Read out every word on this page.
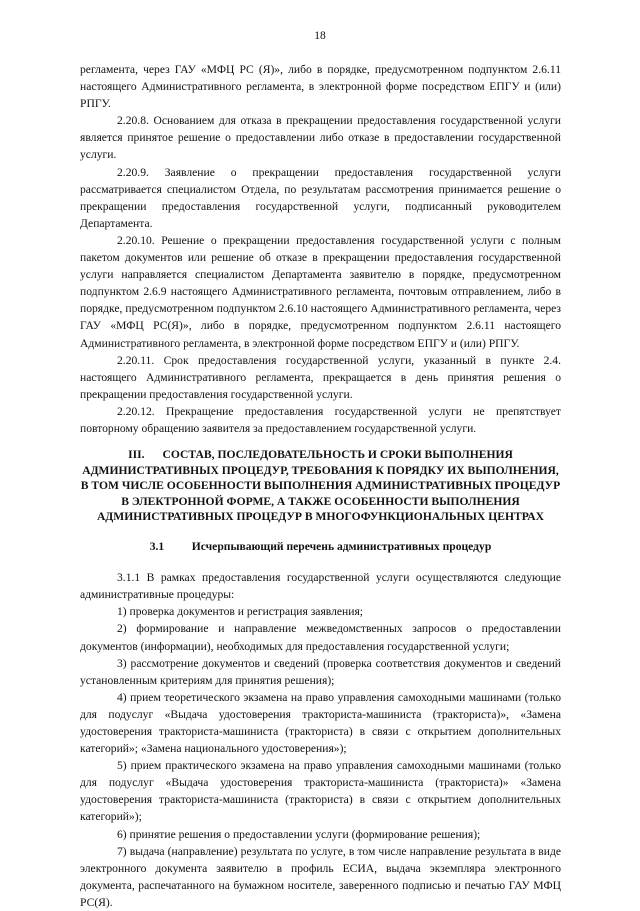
18

регламента, через ГАУ «МФЦ РС (Я)», либо в порядке, предусмотренном подпунктом 2.6.11 настоящего Административного регламента, в электронной форме посредством ЕПГУ и (или) РПГУ.

2.20.8. Основанием для отказа в прекращении предоставления государственной услуги является принятое решение о предоставлении либо отказе в предоставлении государственной услуги.

2.20.9. Заявление о прекращении предоставления государственной услуги рассматривается специалистом Отдела, по результатам рассмотрения принимается решение о прекращении предоставления государственной услуги, подписанный руководителем Департамента.

2.20.10. Решение о прекращении предоставления государственной услуги с полным пакетом документов или решение об отказе в прекращении предоставления государственной услуги направляется специалистом Департамента заявителю в порядке, предусмотренном подпунктом 2.6.9 настоящего Административного регламента, почтовым отправлением, либо в порядке, предусмотренном подпунктом 2.6.10 настоящего Административного регламента, через ГАУ «МФЦ РС(Я)», либо в порядке, предусмотренном подпунктом 2.6.11 настоящего Административного регламента, в электронной форме посредством ЕПГУ и (или) РПГУ.

2.20.11. Срок предоставления государственной услуги, указанный в пункте 2.4. настоящего Административного регламента, прекращается в день принятия решения о прекращении предоставления государственной услуги.

2.20.12. Прекращение предоставления государственной услуги не препятствует повторному обращению заявителя за предоставлением государственной услуги.

III. СОСТАВ, ПОСЛЕДОВАТЕЛЬНОСТЬ И СРОКИ ВЫПОЛНЕНИЯ АДМИНИСТРАТИВНЫХ ПРОЦЕДУР, ТРЕБОВАНИЯ К ПОРЯДКУ ИХ ВЫПОЛНЕНИЯ, В ТОМ ЧИСЛЕ ОСОБЕННОСТИ ВЫПОЛНЕНИЯ АДМИНИСТРАТИВНЫХ ПРОЦЕДУР В ЭЛЕКТРОННОЙ ФОРМЕ, А ТАКЖЕ ОСОБЕННОСТИ ВЫПОЛНЕНИЯ АДМИНИСТРАТИВНЫХ ПРОЦЕДУР В МНОГОФУНКЦИОНАЛЬНЫХ ЦЕНТРАХ
3.1 Исчерпывающий перечень административных процедур

3.1.1 В рамках предоставления государственной услуги осуществляются следующие административные процедуры:

1) проверка документов и регистрация заявления;

2) формирование и направление межведомственных запросов о предоставлении документов (информации), необходимых для предоставления государственной услуги;

3) рассмотрение документов и сведений (проверка соответствия документов и сведений установленным критериям для принятия решения);

4) прием теоретического экзамена на право управления самоходными машинами (только для подуслуг «Выдача удостоверения тракториста-машиниста (тракториста)», «Замена удостоверения тракториста-машиниста (тракториста) в связи с открытием дополнительных категорий»; «Замена национального удостоверения»);

5) прием практического экзамена на право управления самоходными машинами (только для подуслуг «Выдача удостоверения тракториста-машиниста (тракториста)» «Замена удостоверения тракториста-машиниста (тракториста) в связи с открытием дополнительных категорий»);

6) принятие решения о предоставлении услуги (формирование решения);

7) выдача (направление) результата по услуге, в том числе направление результата в виде электронного документа заявителю в профиль ЕСИА, выдача экземпляра электронного документа, распечатанного на бумажном носителе, заверенного подписью и печатью ГАУ МФЦ РС(Я).
